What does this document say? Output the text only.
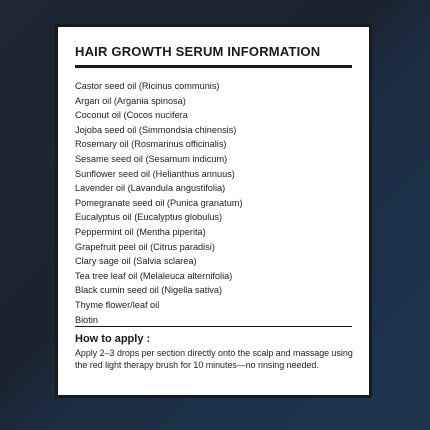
HAIR GROWTH SERUM INFORMATION
Castor seed oil (Ricinus communis)
Argan oil (Argania spinosa)
Coconut oil (Cocos nucifera
Jojoba seed oil (Simmondsia chinensis)
Rosemary oil (Rosmarinus officinalis)
Sesame seed oil (Sesamum indicum)
Sunflower seed oil (Helianthus annuus)
Lavender oil (Lavandula angustifolia)
Pomegranate seed oil (Punica granatum)
Eucalyptus oil (Eucalyptus globulus)
Peppermint oil (Mentha piperita)
Grapefruit peel oil (Citrus paradisi)
Clary sage oil (Salvia sclarea)
Tea tree leaf oil (Melaleuca alternifolia)
Black cumin seed oil (Nigella sativa)
Thyme flower/leaf oil
Biotin
How to apply :

Apply 2–3 drops per section directly onto the scalp and massage using the red light therapy brush for 10 minutes—no rinsing needed.
